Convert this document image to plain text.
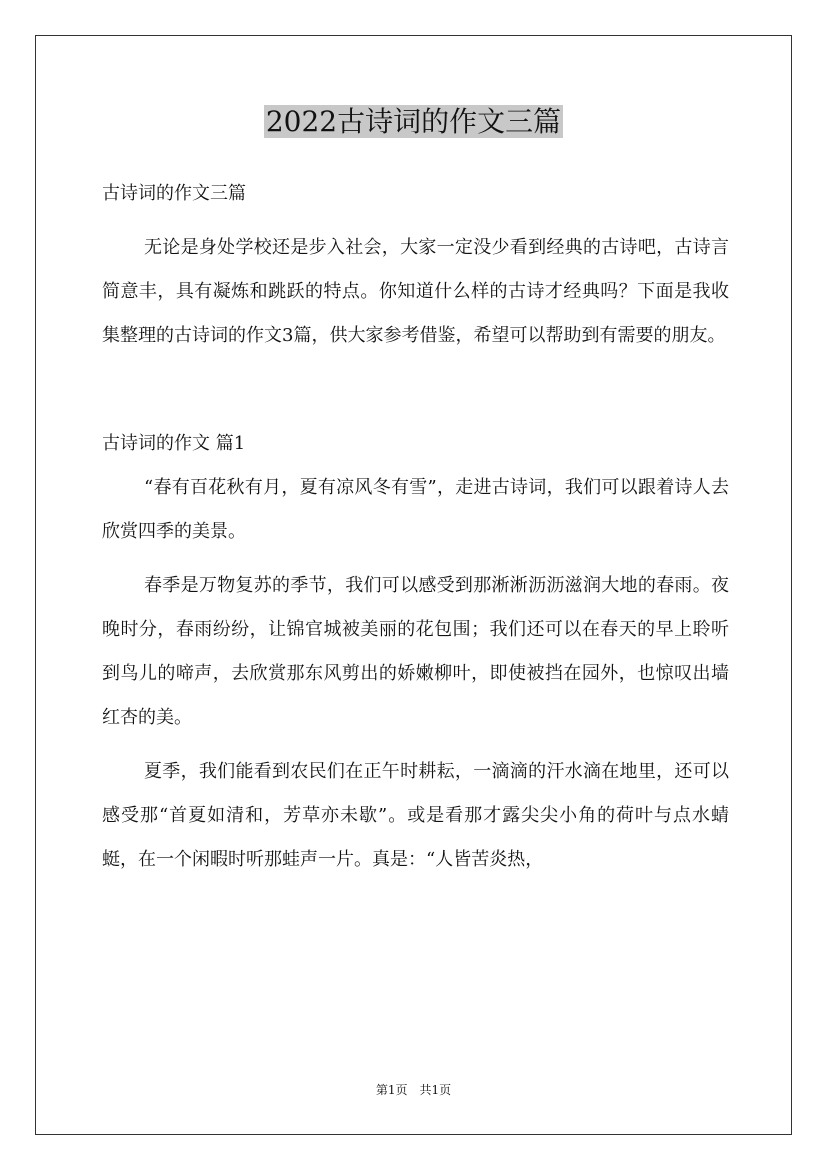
2022古诗词的作文三篇

古诗词的作文三篇

无论是身处学校还是步入社会，大家一定没少看到经典的古诗吧，古诗言简意丰，具有凝炼和跳跃的特点。你知道什么样的古诗才经典吗？下面是我收集整理的古诗词的作文3篇，供大家参考借鉴，希望可以帮助到有需要的朋友。

古诗词的作文 篇1

“春有百花秋有月，夏有凉风冬有雪”，走进古诗词，我们可以跟着诗人去欣赏四季的美景。

春季是万物复苏的季节，我们可以感受到那淅淅沥沥滋润大地的春雨。夜晚时分，春雨纷纷，让锦官城被美丽的花包围；我们还可以在春天的早上聆听到鸟儿的啼声，去欣赏那东风剪出的娇嫩柳叶，即使被挡在园外，也惊叹出墙红杏的美。

夏季，我们能看到农民们在正午时耕耘，一滴滴的汗水滴在地里，还可以感受那“首夏如清和，芳草亦未歇”。或是看那才露尖尖小角的荷叶与点水蜻蜓，在一个闲暇时听那蛙声一片。真是：“人皆苦炎热，

第1页　共1页
